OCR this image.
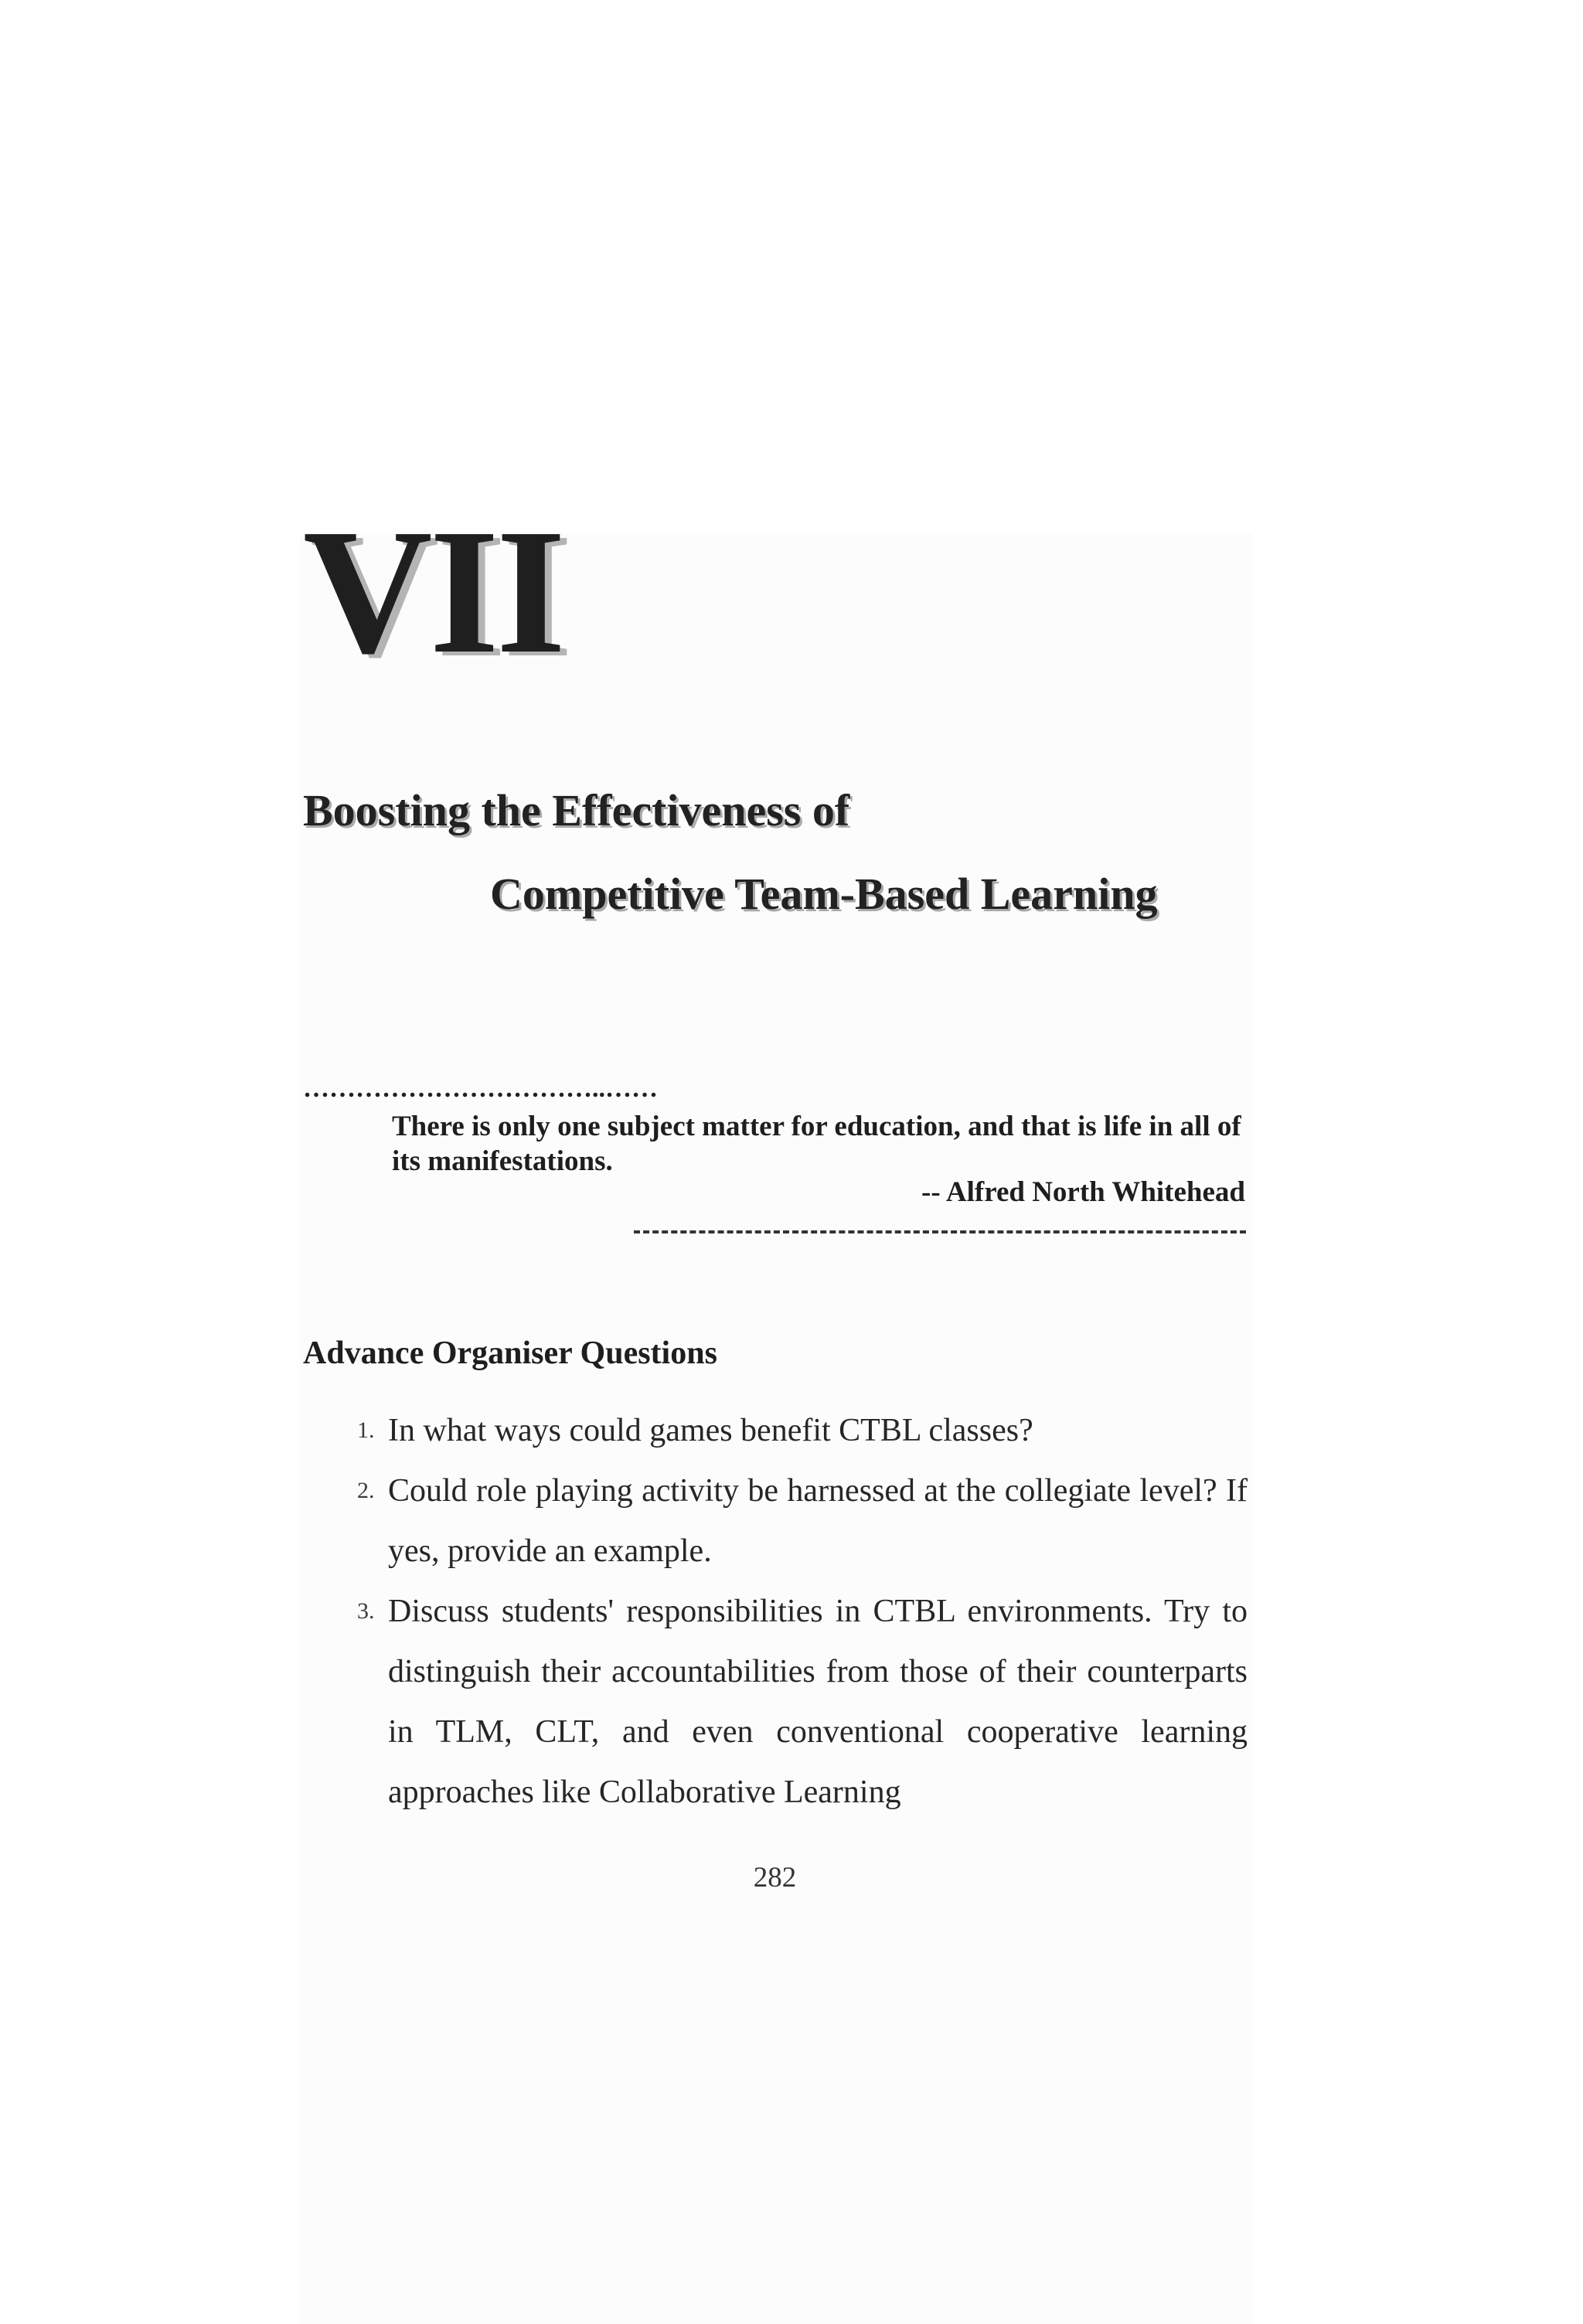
VII
Boosting the Effectiveness of
Competitive Team-Based Learning
……………………………..……
There is only one subject matter for education, and that is life in all of its manifestations.
-- Alfred North Whitehead
Advance Organiser Questions
1. In what ways could games benefit CTBL classes?
2. Could role playing activity be harnessed at the collegiate level? If yes, provide an example.
3. Discuss students' responsibilities in CTBL environments. Try to distinguish their accountabilities from those of their counterparts in TLM, CLT, and even conventional cooperative learning approaches like Collaborative Learning
282
